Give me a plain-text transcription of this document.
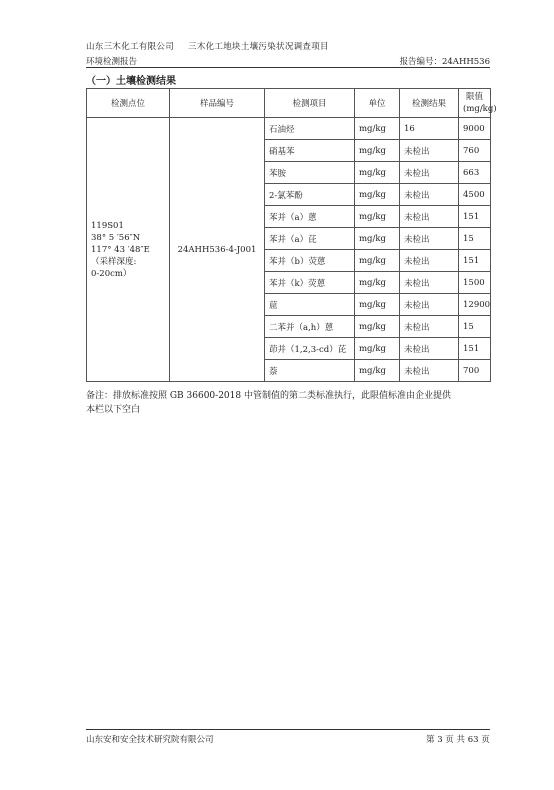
山东三木化工有限公司 三木化工地块土壤污染状况调查项目
环境检测报告	报告编号：24AHH536
（一）土壤检测结果
检测点位	样品编号	检测项目	单位	检测结果	限值
(mg/kg)

119S01
38° 5 ′56″N
117° 43 ′48″E
（采样深度:
0-20cm）	24AHH536-4-J001	石油烃	mg/kg	16	9000
		硝基苯	mg/kg	未检出	760
		苯胺	mg/kg	未检出	663
		2-氯苯酚	mg/kg	未检出	4500
		苯并（a）蒽	mg/kg	未检出	151
		苯并（a）芘	mg/kg	未检出	15
		苯并（b）荧蒽	mg/kg	未检出	151
		苯并（k）荧蒽	mg/kg	未检出	1500
		䓛	mg/kg	未检出	12900
		二苯并（a,h）蒽	mg/kg	未检出	15
		茚并（1,2,3-cd）芘	mg/kg	未检出	151
		萘	mg/kg	未检出	700
备注：排放标准按照 GB 36600-2018 中管制值的第二类标准执行，此限值标准由企业提供
本栏以下空白
山东安和安全技术研究院有限公司	第 3 页 共 63 页
